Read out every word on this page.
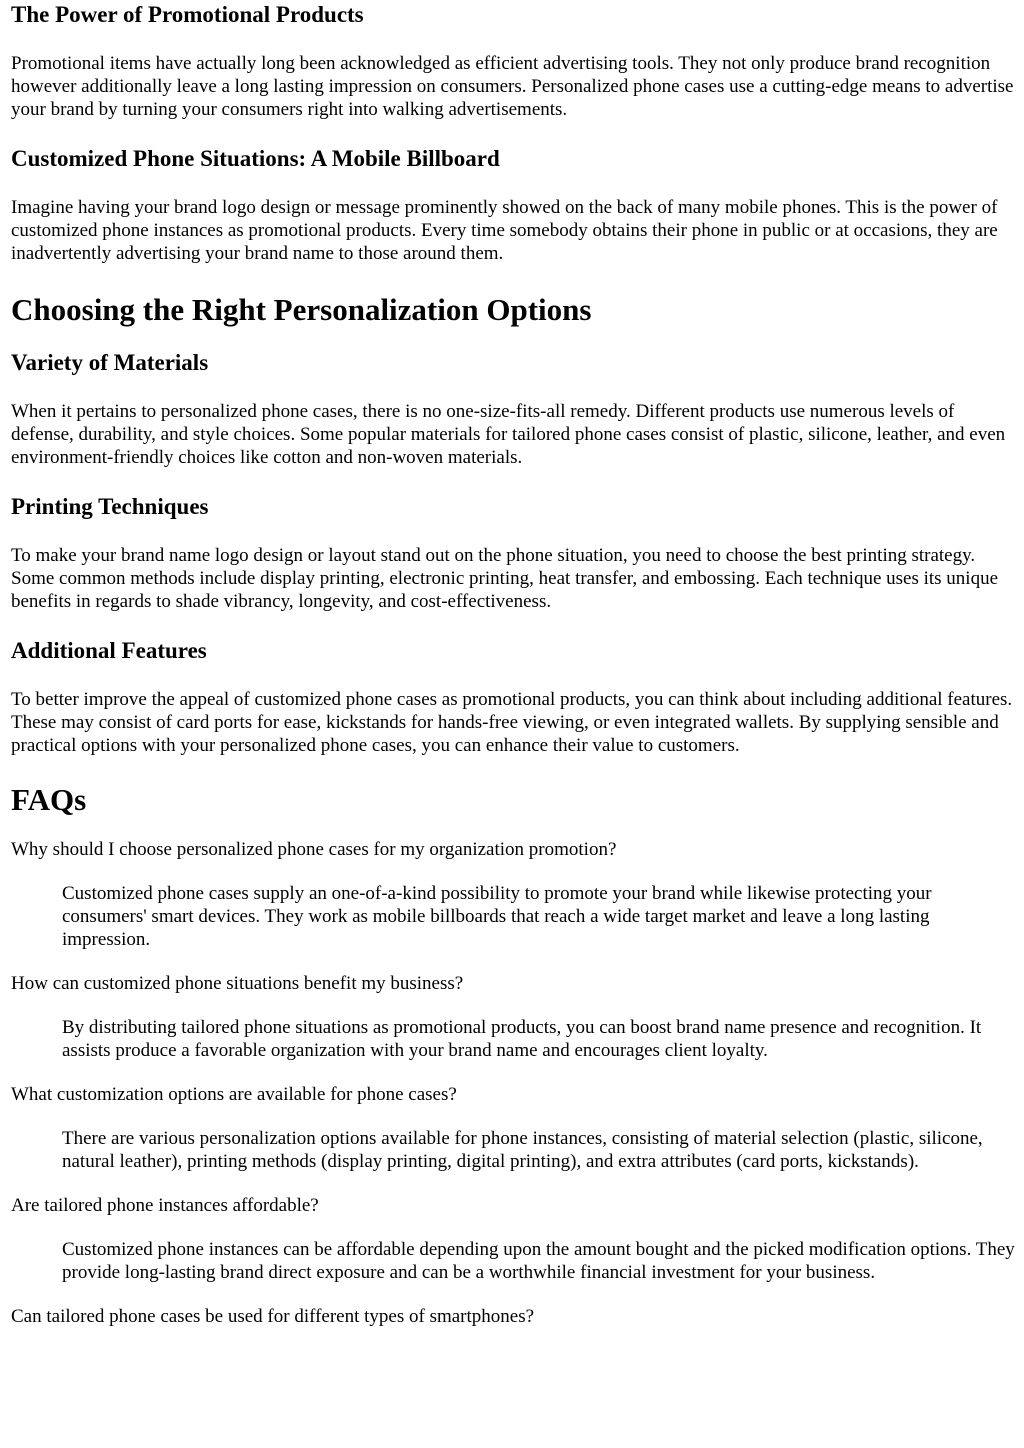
The Power of Promotional Products

Promotional items have actually long been acknowledged as efficient advertising tools. They not only produce brand recognition however additionally leave a long lasting impression on consumers. Personalized phone cases use a cutting-edge means to advertise your brand by turning your consumers right into walking advertisements.

Customized Phone Situations: A Mobile Billboard

Imagine having your brand logo design or message prominently showed on the back of many mobile phones. This is the power of customized phone instances as promotional products. Every time somebody obtains their phone in public or at occasions, they are inadvertently advertising your brand name to those around them.

Choosing the Right Personalization Options
Variety of Materials

When it pertains to personalized phone cases, there is no one-size-fits-all remedy. Different products use numerous levels of defense, durability, and style choices. Some popular materials for tailored phone cases consist of plastic, silicone, leather, and even environment-friendly choices like cotton and non-woven materials.

Printing Techniques

To make your brand name logo design or layout stand out on the phone situation, you need to choose the best printing strategy. Some common methods include display printing, electronic printing, heat transfer, and embossing. Each technique uses its unique benefits in regards to shade vibrancy, longevity, and cost-effectiveness.

Additional Features

To better improve the appeal of customized phone cases as promotional products, you can think about including additional features. These may consist of card ports for ease, kickstands for hands-free viewing, or even integrated wallets. By supplying sensible and practical options with your personalized phone cases, you can enhance their value to customers.

FAQs
Why should I choose personalized phone cases for my organization promotion?
Customized phone cases supply an one-of-a-kind possibility to promote your brand while likewise protecting your consumers' smart devices. They work as mobile billboards that reach a wide target market and leave a long lasting impression.
How can customized phone situations benefit my business?
By distributing tailored phone situations as promotional products, you can boost brand name presence and recognition. It assists produce a favorable organization with your brand name and encourages client loyalty.
What customization options are available for phone cases?
There are various personalization options available for phone instances, consisting of material selection (plastic, silicone, natural leather), printing methods (display printing, digital printing), and extra attributes (card ports, kickstands).
Are tailored phone instances affordable?
Customized phone instances can be affordable depending upon the amount bought and the picked modification options. They provide long-lasting brand direct exposure and can be a worthwhile financial investment for your business.
Can tailored phone cases be used for different types of smartphones?
